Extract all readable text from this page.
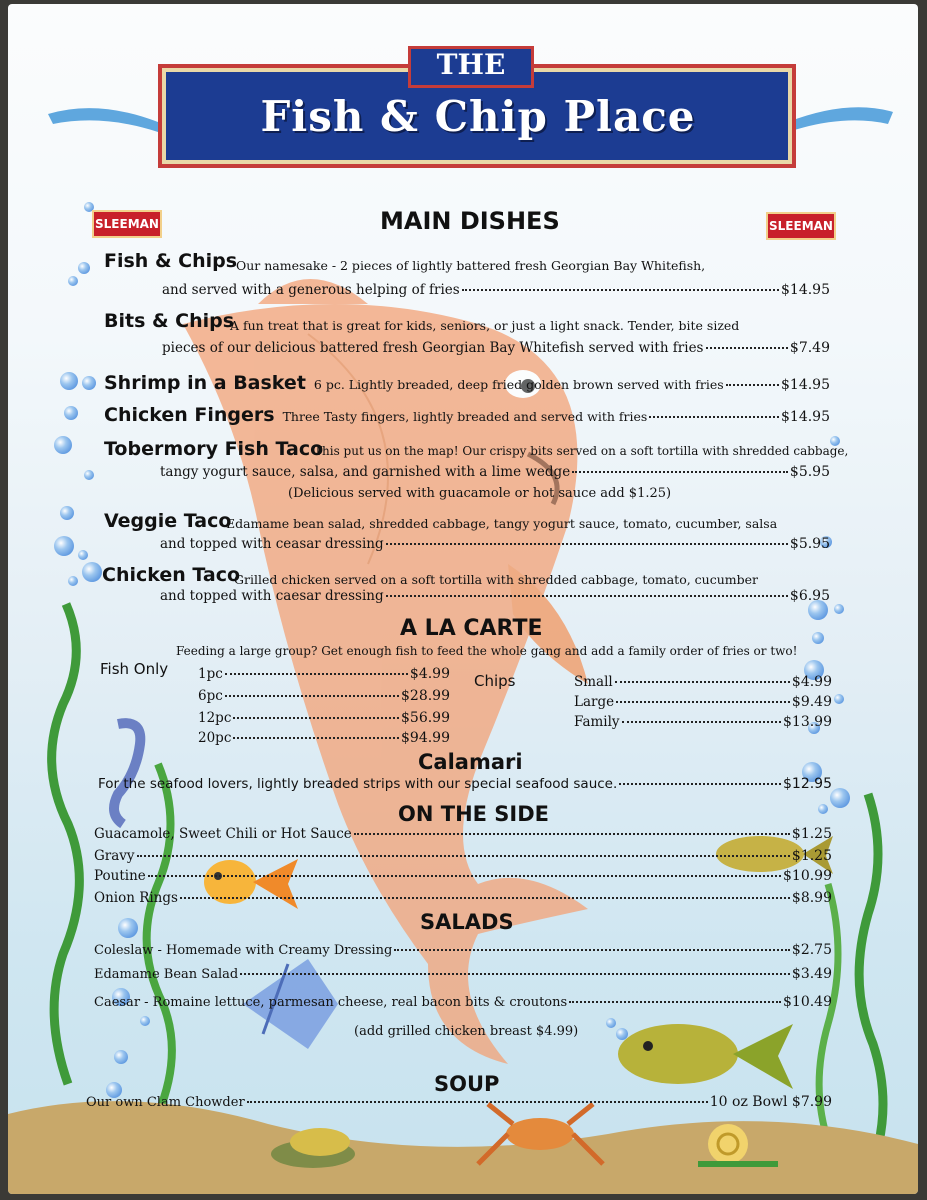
THE
Fish & Chip Place
SLEEMAN	SLEEMAN
MAIN DISHES
Fish & Chips
Our namesake - 2 pieces of lightly battered fresh Georgian Bay Whitefish,
and served with a generous helping of fries	$14.95
Bits & Chips
A fun treat that is great for kids, seniors, or just a light snack. Tender, bite sized
pieces of our delicious battered fresh Georgian Bay Whitefish served with fries	$7.49
Shrimp in a Basket 6 pc. Lightly breaded, deep fried golden brown served with fries	$14.95
Chicken Fingers Three Tasty fingers, lightly breaded and served with fries	$14.95
Tobermory Fish Taco
This put us on the map! Our crispy bits served on a soft tortilla with shredded cabbage,
tangy yogurt sauce, salsa, and garnished with a lime wedge	$5.95
(Delicious served with guacamole or hot sauce add $1.25)
Veggie Taco
Edamame bean salad, shredded cabbage, tangy yogurt sauce, tomato, cucumber, salsa
and topped with ceasar dressing	$5.95
Chicken Taco
Grilled chicken served on a soft tortilla with shredded cabbage, tomato, cucumber
and topped with caesar dressing	$6.95
A LA CARTE
Feeding a large group? Get enough fish to feed the whole gang and add a family order of fries or two!
Fish Only 1pc	$4.99
6pc	$28.99
12pc	$56.99
20pc	$94.99
Chips	Small	$4.99
Large	$9.49
Family	$13.99
Calamari
For the seafood lovers, lightly breaded strips with our special seafood sauce.	$12.95
ON THE SIDE
Guacamole, Sweet Chili or Hot Sauce	$1.25
Gravy	$1.25
Poutine	$10.99
Onion Rings	$8.99
SALADS
Coleslaw - Homemade with Creamy Dressing	$2.75
Edamame Bean Salad	$3.49
Caesar - Romaine lettuce, parmesan cheese, real bacon bits & croutons	$10.49
(add grilled chicken breast $4.99)
SOUP
Our own Clam Chowder	10 oz Bowl $7.99
